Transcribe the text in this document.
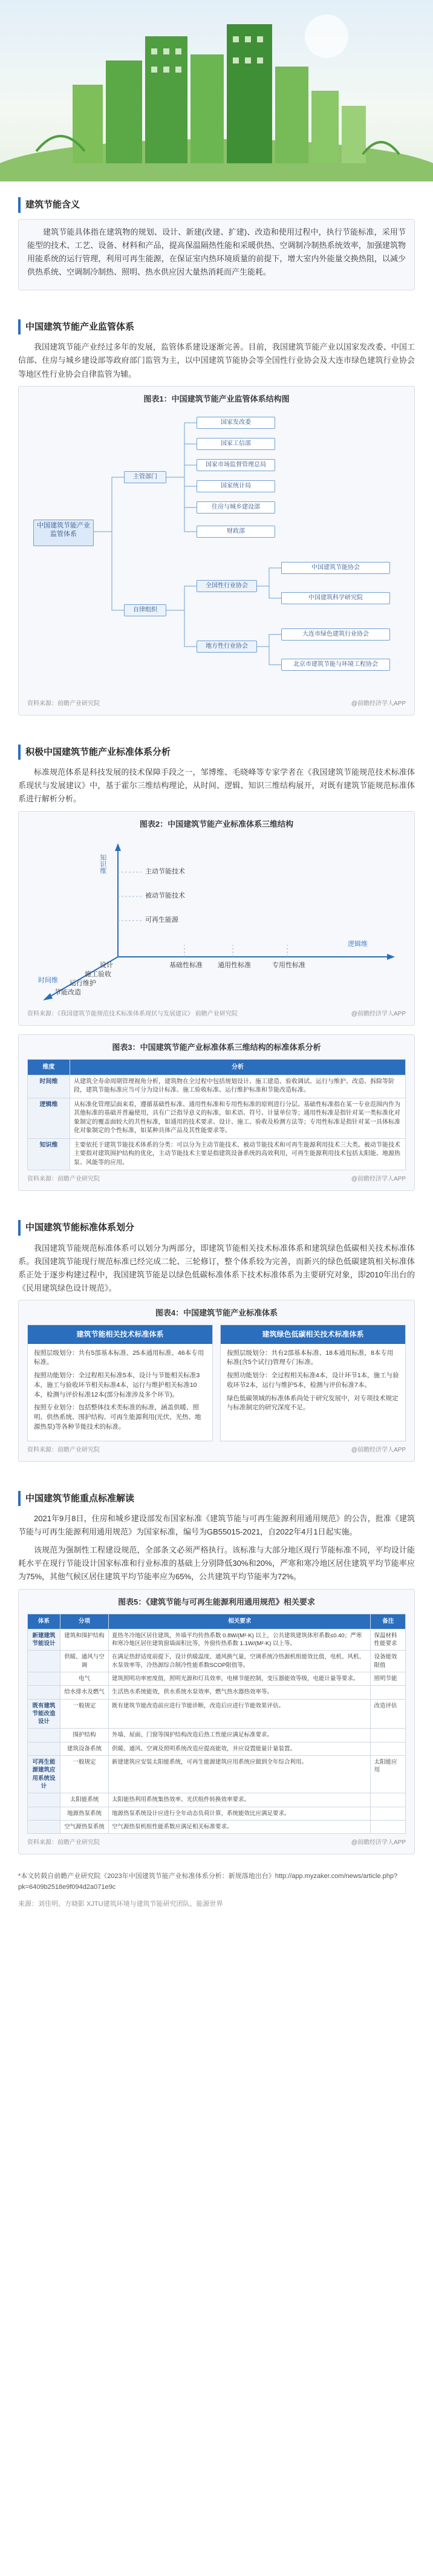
建筑节能含义

建筑节能具体指在建筑物的规划、设计、新建(改建、扩建)、改造和使用过程中，执行节能标准，采用节能型的技术、工艺、设备、材料和产品，提高保温隔热性能和采暖供热、空调制冷制热系统效率，加强建筑物用能系统的运行管理，利用可再生能源，在保证室内热环境质量的前提下，增大室内外能量交换热阻，以减少供热系统、空调制冷制热、照明、热水供应因大量热消耗而产生能耗。

中国建筑节能产业监管体系

我国建筑节能产业经过多年的发展，监管体系建设逐渐完善。目前，我国建筑节能产业以国家发改委、中国工信部、住房与城乡建设部等政府部门监管为主，以中国建筑节能协会等全国性行业协会及大连市绿色建筑行业协会等地区性行业协会自律监管为辅。

图表1：中国建筑节能产业监管体系结构图
中国建筑节能产业监管体系
主管部门
自律组织
国家发改委
国家工信部
国家市场监督管理总局
国家统计局
住房与城乡建设部
财政部
全国性行业协会
地方性行业协会
中国建筑节能协会
中国建筑科学研究院
大连市绿色建筑行业协会
北京市建筑节能与环境工程协会
资料来源：前瞻产业研究院	@前瞻经济学人APP
积极中国建筑节能产业标准体系分析

标准规范体系是科技发展的技术保障手段之一，邹博维、毛晓峰等专家学者在《我国建筑节能规范技术标准体系现状与发展建议》中，基于霍尔三维结构理论，从时间、逻辑、知识三维结构展开，对既有建筑节能规范标准体系进行解析分析。

图表2：中国建筑节能产业标准体系三维结构
知识维
逻辑维
时间维
主动节能技术
被动节能技术
可再生能源
设计
施工验收
运行维护
节能改造
基础性标准 通用性标准	专用性标准
资料来源：《我国建筑节能规范技术标准体系现状与发展建议》 前瞻产业研究院	@前瞻经济学人APP
图表3：中国建筑节能产业标准体系三维结构的标准体系分析
维度	分析
时间维	从建筑全寿命周期管理视角分析，建筑物在全过程中包括规划设计、施工建造、验收调试、运行与维护、改造、拆除等阶段，建筑节能标准应当可分为设计标准、施工验收标准、运行维护标准和节能改造标准。
逻辑维	从标准化管理层面来看，遵循基础性标准、通用性标准和专用性标准的原则进行分层。基础性标准指在某一专业范围内作为其他标准的基础并普遍使用，具有广泛指导意义的标准，如术语、符号、计量单位等；通用性标准是指针对某一类标准化对象制定的覆盖面较大的共性标准，如通用的技术要求、设计、施工、验收及检测方法等；专用性标准是指针对某一具体标准化对象制定的个性标准，如某种具体产品及其性能要求等。
知识维	主要依托于建筑节能技术体系的分类：可以分为主动节能技术、被动节能技术和可再生能源利用技术三大类。被动节能技术主要指对建筑围护结构的优化，主动节能技术主要是指建筑设备系统的高效利用，可再生能源利用技术包括太阳能、地源热泵、风能等的应用。
资料来源：前瞻产业研究院	@前瞻经济学人APP
中国建筑节能标准体系划分

我国建筑节能规范标准体系可以划分为两部分，即建筑节能相关技术标准体系和建筑绿色低碳相关技术标准体系。我国建筑节能现行规范标准已经完成二轮、三轮修订，整个体系较为完善，而新兴的绿色低碳建筑相关标准体系正处于逐步构建过程中，我国建筑节能是以绿色低碳标准体系下技术标准体系为主要研究对象，即2010年出台的《民用建筑绿色设计规范》。

图表4：中国建筑节能产业标准体系
建筑节能相关技术标准体系
按照层级划分：共有5部基本标准、25本通用标准、46本专用标准。
按照功能划分：全过程相关标准5本，设计与节能相关标准3本，施工与验收环节相关标准4本，运行与维护相关标准10本，检测与评价标准12本(部分标准涉及多个环节)。
按照专业划分：包括整体技术类标准的标准，涵盖供暖、照明、供热系统、围护结构、可再生能源利用(光伏、光热、地源热泵)等各种节能技术的标准。
建筑绿色低碳相关技术标准体系
按照层级划分：共有2部基本标准、18本通用标准，8本专用标准(含5个试行)管理专门标准。
按照功能划分：全过程相关标准4本，设计环节1本，施工与验收环节2本，运行与维护5本，检测与评价标准7本。
绿色低碳领域的标准体系尚处于研究发展中，对专项技术规定与标准制定的研究深度不足。
资料来源：前瞻产业研究院	@前瞻经济学人APP
中国建筑节能重点标准解读

2021年9月8日，住房和城乡建设部发布国家标准《建筑节能与可再生能源利用通用规范》的公告，批准《建筑节能与可再生能源利用通用规范》为国家标准，编号为GB55015-2021，自2022年4月1日起实施。

该规范为强制性工程建设规范，全部条文必须严格执行。该标准与大部分地区现行节能标准不同，平均设计能耗水平在现行节能设计国家标准和行业标准的基础上分别降低30%和20%，严寒和寒冷地区居住建筑平均节能率应为75%，其他气候区居住建筑平均节能率应为65%，公共建筑平均节能率为72%。

图表5：《建筑节能与可再生能源利用通用规范》相关要求
体系	分项	相关要求	备注
新建建筑节能设计	建筑和围护结构	夏热冬冷地区居住建筑，外墙平均传热系数 0.8W/(M²·K) 以上，公共建筑建筑体形系数≤0.40；严寒和寒冷地区居住建筑窗墙面积比等，外窗传热系数 1.1W/(M²·K) 以上等。	保温材料性能要求
	供暖、通风与空调	在满足热舒适度前提下，设计供暖温度、通风换气量，空调系统冷热源机组能效比值，电机、风机、水泵效率等，冷热源综合制冷性能系数SCOP限值等。	设备能效限值
	电气	建筑照明功率密度值，照明光源和灯具效率，电梯节能控制，变压器能效等级，电能计量等要求。	照明节能
	给水排水及燃气	生活热水系统能效，供水系统水泵效率，燃气热水器热效率等。	
既有建筑节能改造设计	一般规定	既有建筑节能改造前应进行节能诊断，改造后应进行节能效果评估。	改造评估
	围护结构	外墙、屋面、门窗等围护结构改造后热工性能应满足标准要求。	
	建筑设备系统	供暖、通风、空调及照明系统改造应提高能效，并应设置能量计量装置。	
可再生能源建筑应用系统设计	一般规定	新建建筑应安装太阳能系统，可再生能源建筑应用系统应做到全年综合利用。	太阳能应用
	太阳能系统	太阳能热利用系统集热效率、光伏组件转换效率要求。	
	地源热泵系统	地源热泵系统设计应进行全年动态负荷计算，系统能效比应满足要求。	
	空气源热泵系统	空气源热泵机组性能系数应满足相关标准要求。	
资料来源：前瞻产业研究院	@前瞻经济学人APP
*本文转载自前瞻产业研究院《2023年中国建筑节能产业标准体系分析：新规落地出台》http://app.myzaker.com/news/article.php?pk=6409b2518e9f094d2a071e9c
来源：刘佳明、方晓影 XJTU建筑环境与建筑节能研究团队、能源世界
